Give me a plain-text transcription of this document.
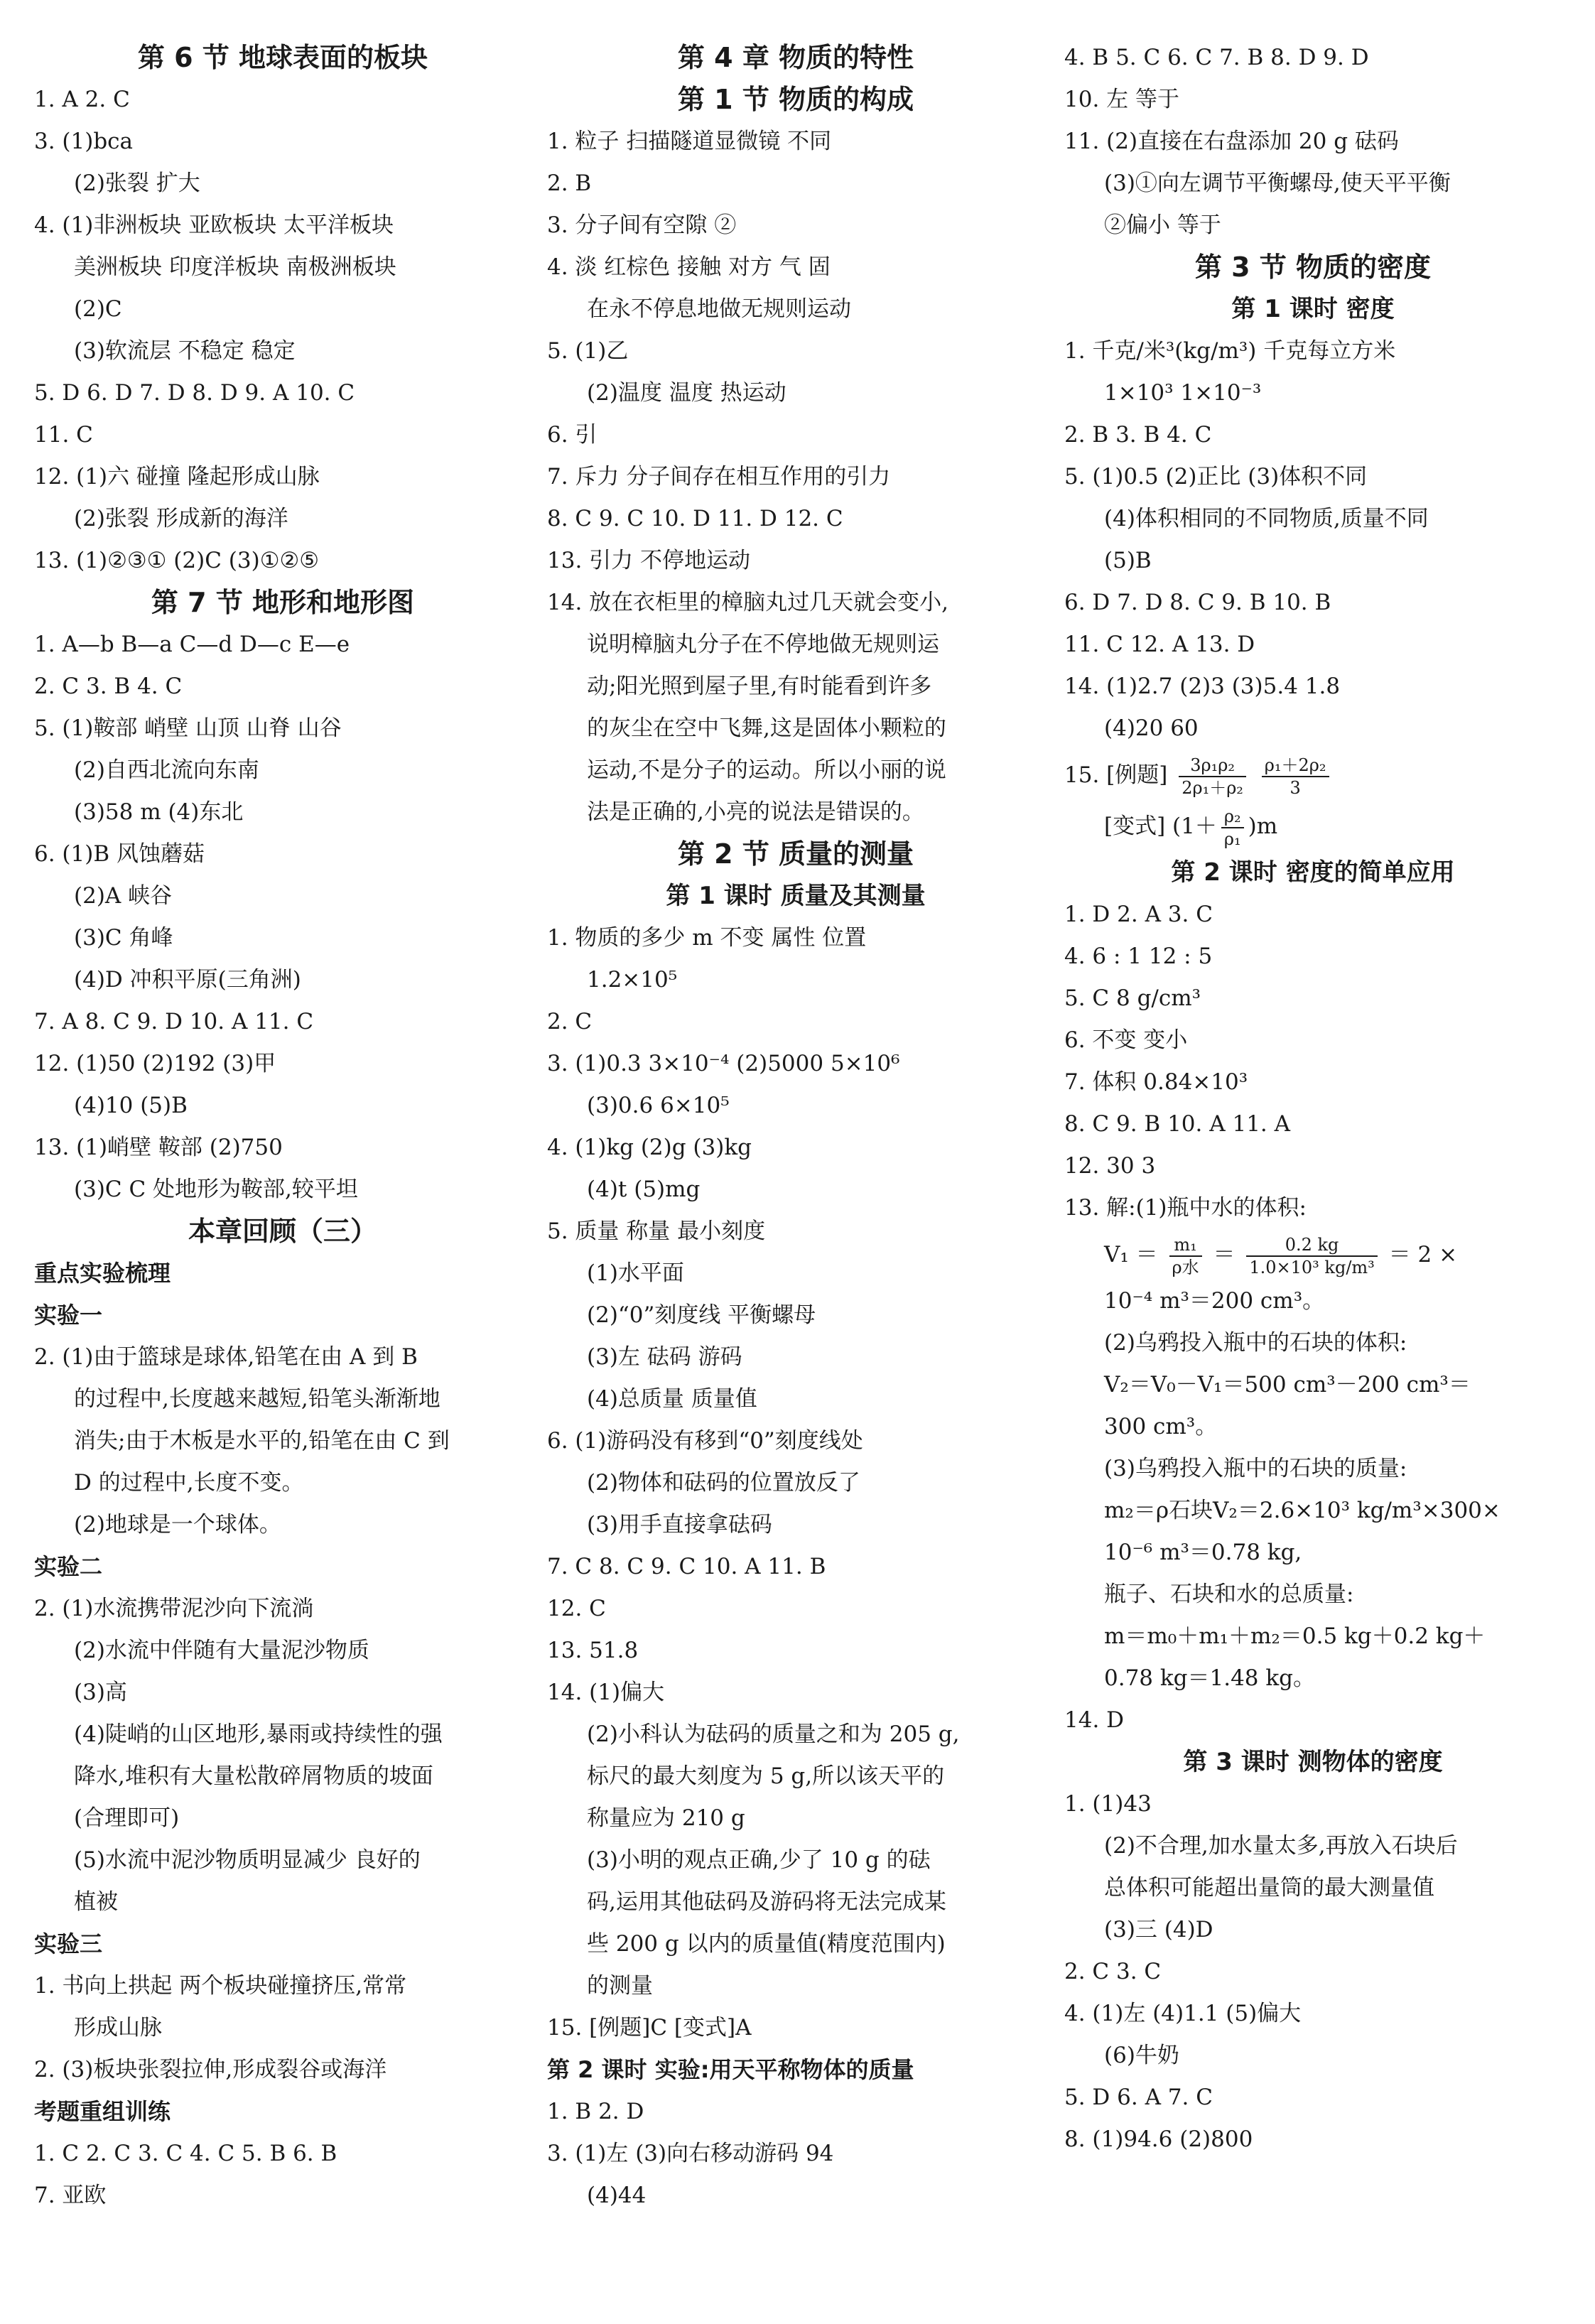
第 6 节 地球表面的板块
1. A 2. C
3. (1)bca
(2)张裂 扩大
4. (1)非洲板块 亚欧板块 太平洋板块
美洲板块 印度洋板块 南极洲板块
(2)C
(3)软流层 不稳定 稳定
5. D 6. D 7. D 8. D 9. A 10. C
11. C
12. (1)六 碰撞 隆起形成山脉
(2)张裂 形成新的海洋
13. (1)②③① (2)C (3)①②⑤
第 7 节 地形和地形图
1. A—b B—a C—d D—c E—e
2. C 3. B 4. C
5. (1)鞍部 峭壁 山顶 山脊 山谷
(2)自西北流向东南
(3)58 m (4)东北
6. (1)B 风蚀蘑菇
(2)A 峡谷
(3)C 角峰
(4)D 冲积平原(三角洲)
7. A 8. C 9. D 10. A 11. C
12. (1)50 (2)192 (3)甲
(4)10 (5)B
13. (1)峭壁 鞍部 (2)750
(3)C C 处地形为鞍部,较平坦
本章回顾（三）
重点实验梳理
实验一
2. (1)由于篮球是球体,铅笔在由 A 到 B
的过程中,长度越来越短,铅笔头渐渐地
消失;由于木板是水平的,铅笔在由 C 到
D 的过程中,长度不变。
(2)地球是一个球体。
实验二
2. (1)水流携带泥沙向下流淌
(2)水流中伴随有大量泥沙物质
(3)高
(4)陡峭的山区地形,暴雨或持续性的强
降水,堆积有大量松散碎屑物质的坡面
(合理即可)
(5)水流中泥沙物质明显减少 良好的
植被
实验三
1. 书向上拱起 两个板块碰撞挤压,常常
形成山脉
2. (3)板块张裂拉伸,形成裂谷或海洋
考题重组训练
1. C 2. C 3. C 4. C 5. B 6. B
7. 亚欧
第 4 章 物质的特性
第 1 节 物质的构成
1. 粒子 扫描隧道显微镜 不同
2. B
3. 分子间有空隙 ②
4. 淡 红棕色 接触 对方 气 固
在永不停息地做无规则运动
5. (1)乙
(2)温度 温度 热运动
6. 引
7. 斥力 分子间存在相互作用的引力
8. C 9. C 10. D 11. D 12. C
13. 引力 不停地运动
14. 放在衣柜里的樟脑丸过几天就会变小,
说明樟脑丸分子在不停地做无规则运
动;阳光照到屋子里,有时能看到许多
的灰尘在空中飞舞,这是固体小颗粒的
运动,不是分子的运动。所以小丽的说
法是正确的,小亮的说法是错误的。
第 2 节 质量的测量
第 1 课时 质量及其测量
1. 物质的多少 m 不变 属性 位置
1.2×10⁵
2. C
3. (1)0.3 3×10⁻⁴ (2)5000 5×10⁶
(3)0.6 6×10⁵
4. (1)kg (2)g (3)kg
(4)t (5)mg
5. 质量 称量 最小刻度
(1)水平面
(2)“0”刻度线 平衡螺母
(3)左 砝码 游码
(4)总质量 质量值
6. (1)游码没有移到“0”刻度线处
(2)物体和砝码的位置放反了
(3)用手直接拿砝码
7. C 8. C 9. C 10. A 11. B
12. C
13. 51.8
14. (1)偏大
(2)小科认为砝码的质量之和为 205 g,
标尺的最大刻度为 5 g,所以该天平的
称量应为 210 g
(3)小明的观点正确,少了 10 g 的砝
码,运用其他砝码及游码将无法完成某
些 200 g 以内的质量值(精度范围内)
的测量
15. [例题]C [变式]A
第 2 课时 实验:用天平称物体的质量
1. B 2. D
3. (1)左 (3)向右移动游码 94
(4)44
4. B 5. C 6. C 7. B 8. D 9. D
10. 左 等于
11. (2)直接在右盘添加 20 g 砝码
(3)①向左调节平衡螺母,使天平平衡
②偏小 等于
第 3 节 物质的密度
第 1 课时 密度
1. 千克/米³(kg/m³) 千克每立方米
1×10³ 1×10⁻³
2. B 3. B 4. C
5. (1)0.5 (2)正比 (3)体积不同
(4)体积相同的不同物质,质量不同
(5)B
6. D 7. D 8. C 9. B 10. B
11. C 12. A 13. D
14. (1)2.7 (2)3 (3)5.4 1.8
(4)20 60
15. [例题] $\frac{\text{3ρ₁ρ₂}}{\text{2ρ₁＋ρ₂}}$
$\frac{\text{ρ₁＋2ρ₂}}{3}$
[变式] $(1+ \frac{\text{ρ₂}}{\text{ρ₁}} )m$
第 2 课时 密度的简单应用
1. D 2. A 3. C
4. 6 : 1 12 : 5
5. C 8 g/cm³
6. 不变 变小
7. 体积 0.84×10³
8. C 9. B 10. A 11. A
12. 30 3
13. 解:(1)瓶中水的体积:
$V_1 = \frac{\text{m₁}}{\text{ρ水}} = \frac{0.2 kg}{\text{1.0×10³ kg/m³}} = 2$ ×
10⁻⁴ m³＝200 cm³。
(2)乌鸦投入瓶中的石块的体积:
V₂＝V₀－V₁＝500 cm³－200 cm³＝
300 cm³。
(3)乌鸦投入瓶中的石块的质量:
m₂＝ρ石块V₂＝2.6×10³ kg/m³×300×
10⁻⁶ m³＝0.78 kg,
瓶子、石块和水的总质量:
m＝m₀＋m₁＋m₂＝0.5 kg＋0.2 kg＋
0.78 kg＝1.48 kg。
14. D
第 3 课时 测物体的密度
1. (1)43
(2)不合理,加水量太多,再放入石块后
总体积可能超出量筒的最大测量值
(3)三 (4)D
2. C 3. C
4. (1)左 (4)1.1 (5)偏大
(6)牛奶
5. D 6. A 7. C
8. (1)94.6 (2)800
